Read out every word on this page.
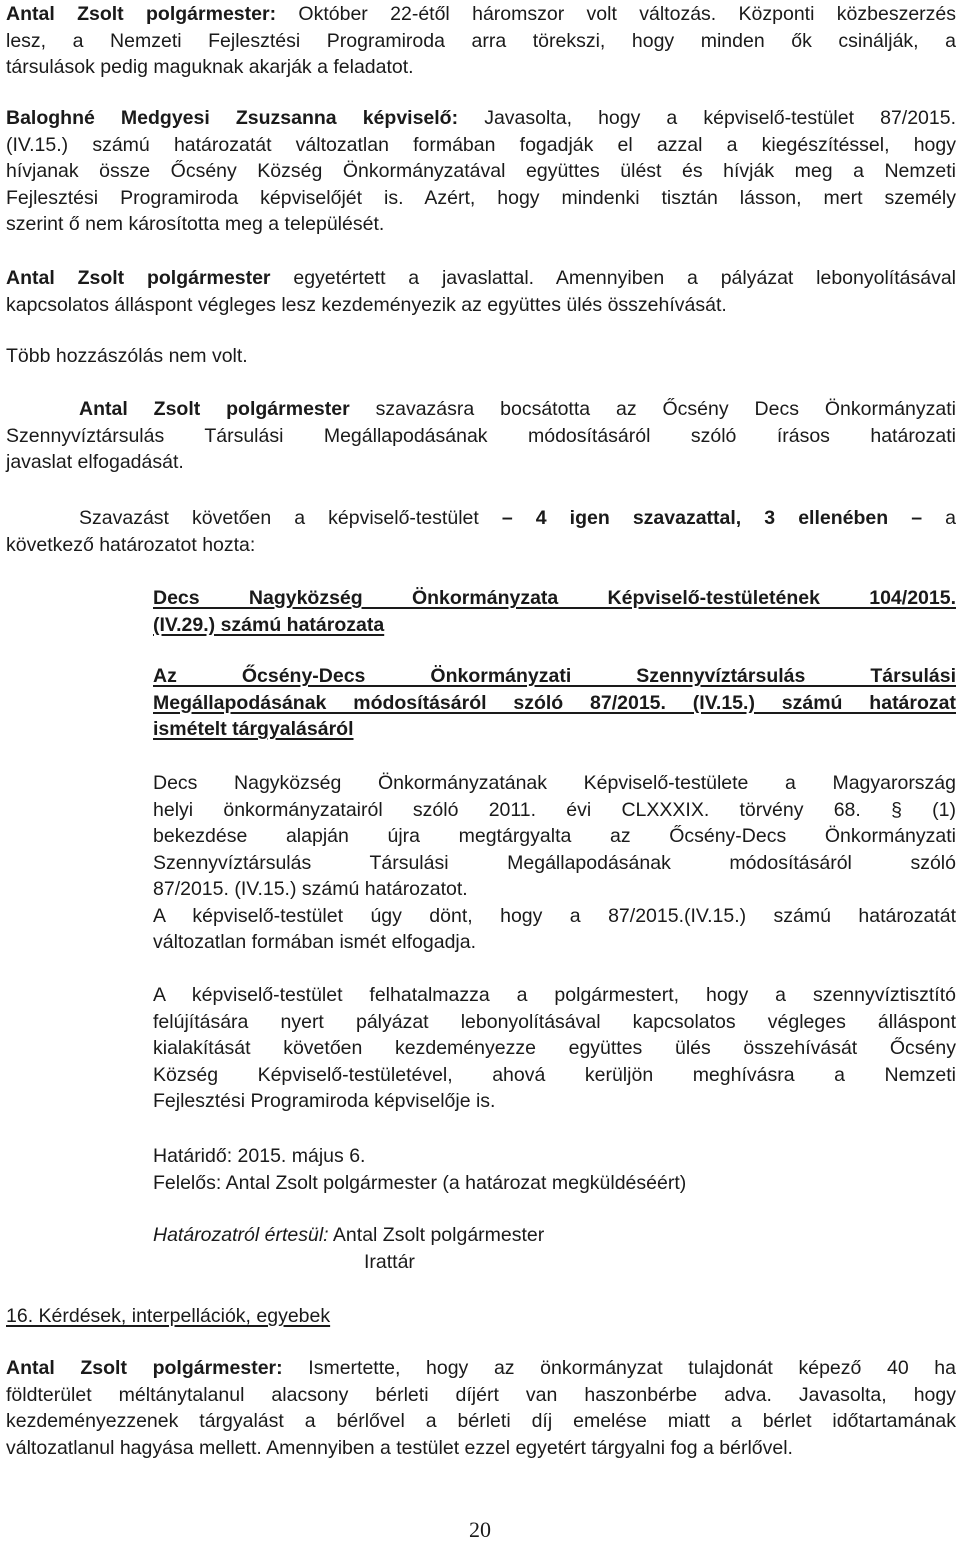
Antal Zsolt polgármester: Október 22-étől háromszor volt változás. Központi közbeszerzés

lesz, a Nemzeti Fejlesztési Programiroda arra törekszi, hogy minden ők csinálják, a

társulások pedig maguknak akarják a feladatot.

Baloghné Medgyesi Zsuzsanna képviselő: Javasolta, hogy a képviselő-testület 87/2015.

(IV.15.) számú határozatát változatlan formában fogadják el azzal a kiegészítéssel, hogy

hívjanak össze Őcsény Község Önkormányzatával együttes ülést és hívják meg a Nemzeti

Fejlesztési Programiroda képviselőjét is. Azért, hogy mindenki tisztán lásson, mert személy

szerint ő nem károsította meg a települését.

Antal Zsolt polgármester egyetértett a javaslattal. Amennyiben a pályázat lebonyolításával

kapcsolatos álláspont végleges lesz kezdeményezik az együttes ülés összehívását.

Több hozzászólás nem volt.

Antal Zsolt polgármester szavazásra bocsátotta az Őcsény Decs Önkormányzati

Szennyvíztársulás Társulási Megállapodásának módosításáról szóló írásos határozati

javaslat elfogadását.

Szavazást követően a képviselő-testület – 4 igen szavazattal, 3 ellenében – a

következő határozatot hozta:

Decs Nagyközség Önkormányzata Képviselő-testületének 104/2015.

(IV.29.) számú határozata

Az Őcsény-Decs Önkormányzati Szennyvíztársulás Társulási

Megállapodásának módosításáról szóló 87/2015. (IV.15.) számú határozat

ismételt tárgyalásáról

Decs Nagyközség Önkormányzatának Képviselő-testülete a Magyarország

helyi önkormányzatairól szóló 2011. évi CLXXXIX. törvény 68. § (1)

bekezdése alapján újra megtárgyalta az Őcsény-Decs Önkormányzati

Szennyvíztársulás Társulási Megállapodásának módosításáról szóló

87/2015. (IV.15.) számú határozatot.

A képviselő-testület úgy dönt, hogy a 87/2015.(IV.15.) számú határozatát

változatlan formában ismét elfogadja.

A képviselő-testület felhatalmazza a polgármestert, hogy a szennyvíztisztító

felújítására nyert pályázat lebonyolításával kapcsolatos végleges álláspont

kialakítását követően kezdeményezze együttes ülés összehívását Őcsény

Község Képviselő-testületével, ahová kerüljön meghívásra a Nemzeti

Fejlesztési Programiroda képviselője is.

Határidő: 2015. május 6.

Felelős: Antal Zsolt polgármester (a határozat megküldéséért)

Határozatról értesül: Antal Zsolt polgármester

Irattár

16. Kérdések, interpellációk, egyebek

Antal Zsolt polgármester: Ismertette, hogy az önkormányzat tulajdonát képező 40 ha

földterület méltánytalanul alacsony bérleti díjért van haszonbérbe adva. Javasolta, hogy

kezdeményezzenek tárgyalást a bérlővel a bérleti díj emelése miatt a bérlet időtartamának

változatlanul hagyása mellett. Amennyiben a testület ezzel egyetért tárgyalni fog a bérlővel.

20
